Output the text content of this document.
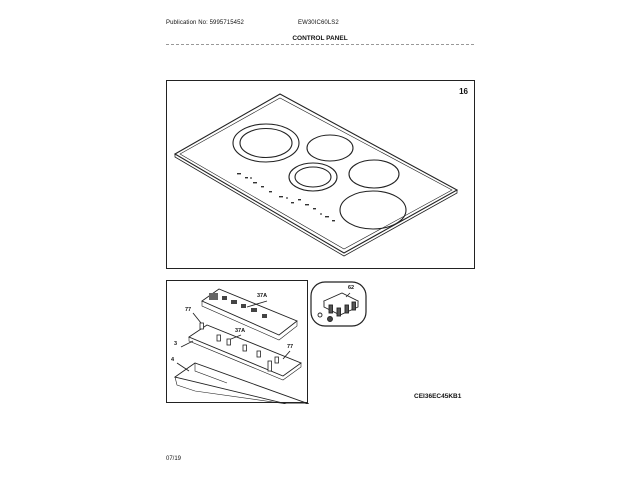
Publication No: 5995715452	EW30IC60LS2
CONTROL PANEL
16
37A
77
37A
3
4
77
62
CEI36EC45KB1
07/19
